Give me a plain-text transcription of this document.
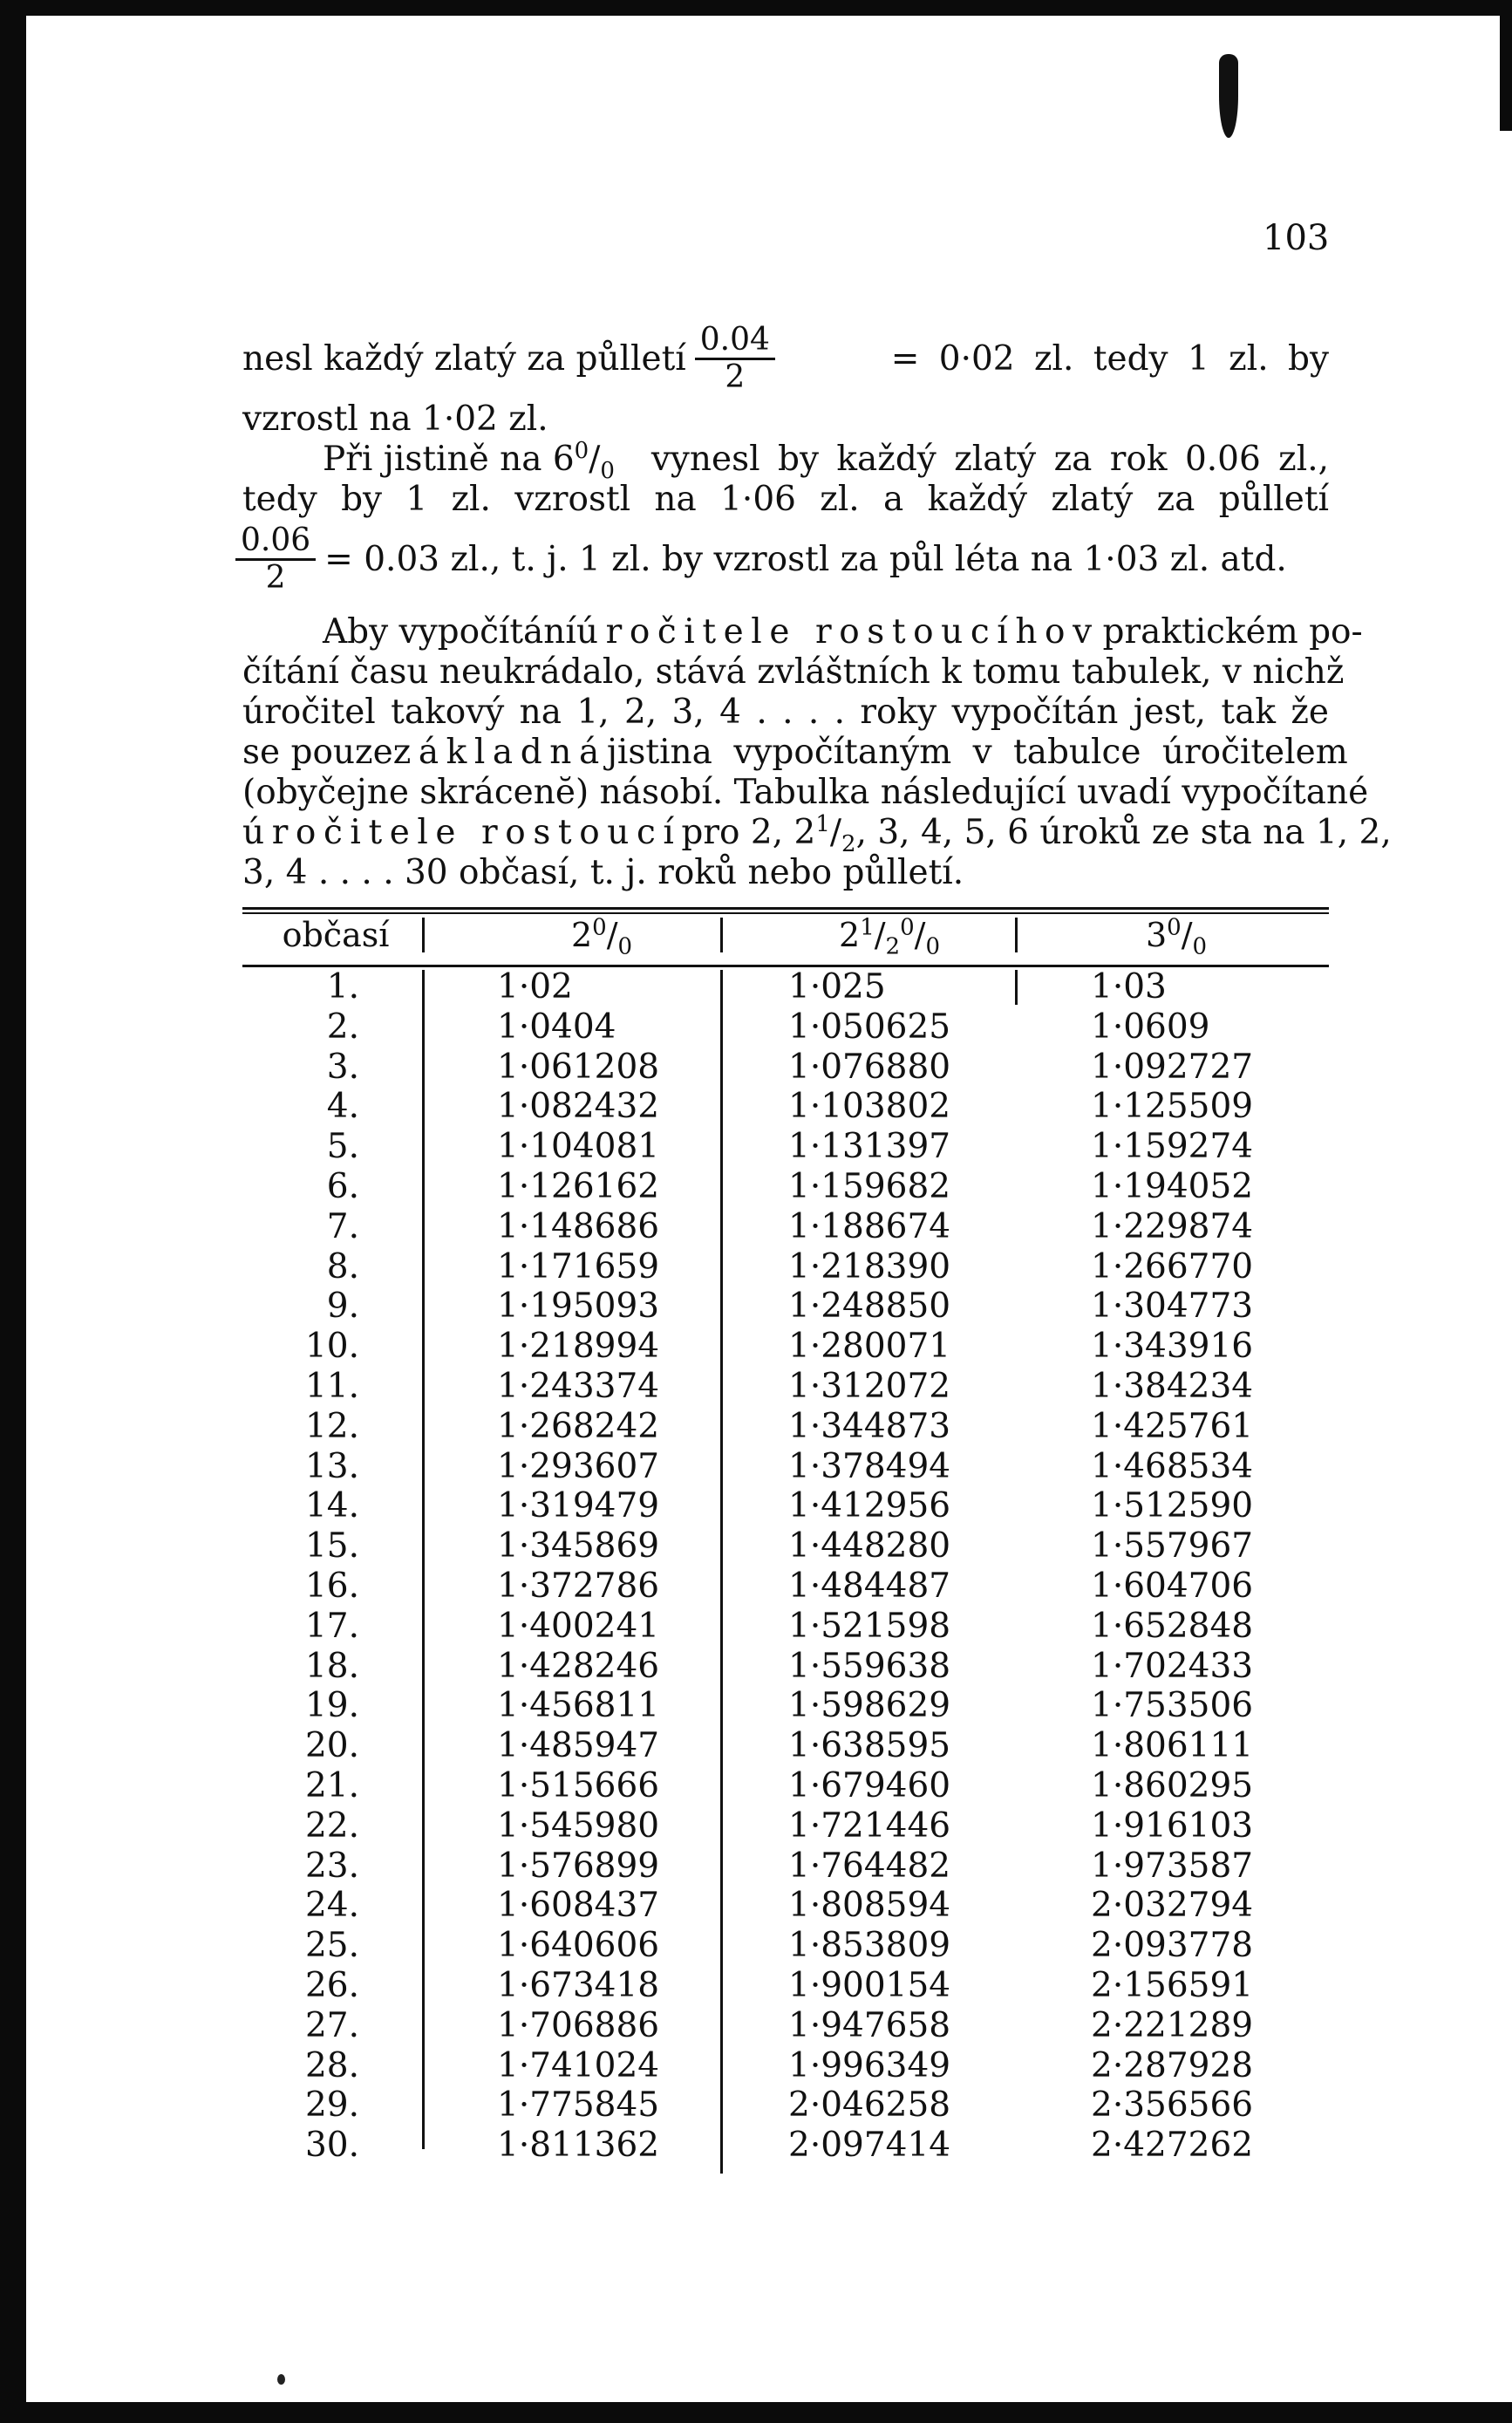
103
nesl každý zlatý za půlletí $\frac{0.04}{2}$	= 0·02 zl. tedy 1 zl. by
vzrostl na 1·02 zl.
Při jistině na $6^0/_0$ vynesl by každý zlatý za rok 0.06 zl.,
tedy by 1 zl. vzrostl na 1·06 zl. a každý zlatý za půlletí
$\frac{0.06}{2} = 0.03$ zl., t. j. 1 zl. by vzrostl za půl léta na 1·03 zl. atd.
Aby vypočítání úročitele rostoucího v praktickém po-
čítání času neukrádalo, stává zvláštních k tomu tabulek, v nichž
úročitel takový na 1, 2, 3, 4 . . . . roky vypočítán jest, tak že
se pouze základná jistina vypočítaným v tabulce úročitelem
(obyčejne skrácenĕ) násobí. Tabulka následující uvadí vypočítané
úročitele rostoucí pro 2, $2^1/_2$, 3, 4, 5, 6 úroků ze sta na 1, 2,
3, 4 . . . . 30 občasí, t. j. roků nebo půlletí.
občasí	$2^0/_0$	$2^1/_2^0/_0$	$3^0/_0$
1.	1·02	1·025	1·03
2.	1·0404	1·050625	1·0609
3.	1·061208	1·076880	1·092727
4.	1·082432	1·103802	1·125509
5.	1·104081	1·131397	1·159274
6.	1·126162	1·159682	1·194052
7.	1·148686	1·188674	1·229874
8.	1·171659	1·218390	1·266770
9.	1·195093	1·248850	1·304773
10.	1·218994	1·280071	1·343916
11.	1·243374	1·312072	1·384234
12.	1·268242	1·344873	1·425761
13.	1·293607	1·378494	1·468534
14.	1·319479	1·412956	1·512590
15.	1·345869	1·448280	1·557967
16.	1·372786	1·484487	1·604706
17.	1·400241	1·521598	1·652848
18.	1·428246	1·559638	1·702433
19.	1·456811	1·598629	1·753506
20.	1·485947	1·638595	1·806111
21.	1·515666	1·679460	1·860295
22.	1·545980	1·721446	1·916103
23.	1·576899	1·764482	1·973587
24.	1·608437	1·808594	2·032794
25.	1·640606	1·853809	2·093778
26.	1·673418	1·900154	2·156591
27.	1·706886	1·947658	2·221289
28.	1·741024	1·996349	2·287928
29.	1·775845	2·046258	2·356566
30.	1·811362	2·097414	2·427262
